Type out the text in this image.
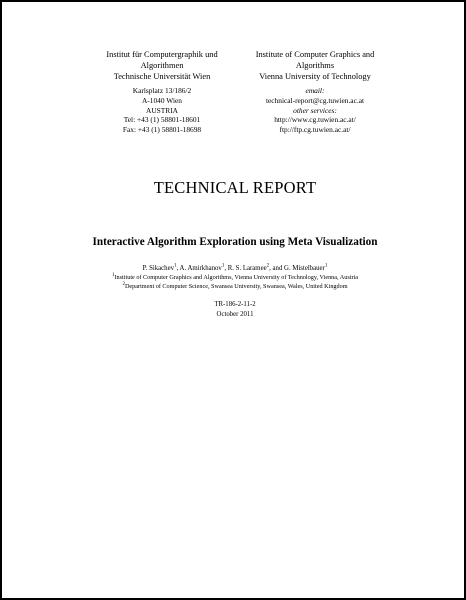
Institut für Computergraphik und
Algorithmen
Technische Universität Wien
Karlsplatz 13/186/2
A-1040 Wien
AUSTRIA
Tel: +43 (1) 58801-18601
Fax: +43 (1) 58801-18698
Institute of Computer Graphics and
Algorithms
Vienna University of Technology
email:
technical-report@cg.tuwien.ac.at
other services:
http://www.cg.tuwien.ac.at/
ftp://ftp.cg.tuwien.ac.at/
TECHNICAL REPORT
Interactive Algorithm Exploration using Meta Visualization
P. Sikachev$^1$, A. Amirkhanov$^1$, R. S. Laramee$^2$, and G. Mistelbauer$^1$
$^1$Institute of Computer Graphics and Algorithms, Vienna University of Technology, Vienna, Austria
$^2$Department of Computer Science, Swansea University, Swansea, Wales, United Kingdom
TR-186-2-11-2
October 2011
